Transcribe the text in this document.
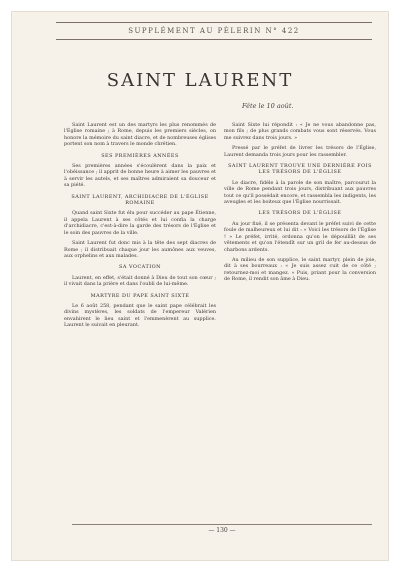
SUPPLÉMENT AU PÈLERIN N° 422
SAINT LAURENT
Fête le 10 août.

Saint Laurent est un des martyrs les plus renommés de l'Église romaine ; à Rome, depuis les premiers siècles, on honore la mémoire du saint diacre, et de nombreuses églises portent son nom à travers le monde chrétien.

SES PREMIÈRES ANNÉES

Ses premières années s'écoulèrent dans la paix et l'obéissance ; il apprit de bonne heure à aimer les pauvres et à servir les autels, et ses maîtres admiraient sa douceur et sa piété.

SAINT LAURENT, ARCHIDIACRE DE L'ÉGLISE ROMAINE

Quand saint Sixte fut élu pour succéder au pape Étienne, il appela Laurent à ses côtés et lui confia la charge d'archidiacre, c'est-à-dire la garde des trésors de l'Église et le soin des pauvres de la ville.

Saint Laurent fut donc mis à la tête des sept diacres de Rome ; il distribuait chaque jour les aumônes aux veuves, aux orphelins et aux malades.

SA VOCATION

Laurent, en effet, s'était donné à Dieu de tout son cœur ; il vivait dans la prière et dans l'oubli de lui-même.

MARTYRE DU PAPE SAINT SIXTE

Le 6 août 258, pendant que le saint pape célébrait les divins mystères, les soldats de l'empereur Valérien envahirent le lieu saint et l'emmenèrent au supplice. Laurent le suivait en pleurant.

Saint Sixte lui répondit : « Je ne vous abandonne pas, mon fils ; de plus grands combats vous sont réservés. Vous me suivrez dans trois jours. »

Pressé par le préfet de livrer les trésors de l'Église, Laurent demanda trois jours pour les rassembler.

SAINT LAURENT TROUVE UNE DERNIÈRE FOIS LES TRÉSORS DE L'ÉGLISE

Le diacre, fidèle à la parole de son maître, parcourut la ville de Rome pendant trois jours, distribuant aux pauvres tout ce qu'il possédait encore, et rassembla les indigents, les aveugles et les boiteux que l'Église nourrissait.

LES TRÉSORS DE L'ÉGLISE

Au jour fixé, il se présenta devant le préfet suivi de cette foule de malheureux et lui dit : « Voici les trésors de l'Église ! » Le préfet, irrité, ordonna qu'on le dépouillât de ses vêtements et qu'on l'étendît sur un gril de fer au-dessus de charbons ardents.

Au milieu de son supplice, le saint martyr, plein de joie, dit à ses bourreaux : « Je suis assez cuit de ce côté ; retournez-moi et mangez. » Puis, priant pour la conversion de Rome, il rendit son âme à Dieu.

— 130 —
